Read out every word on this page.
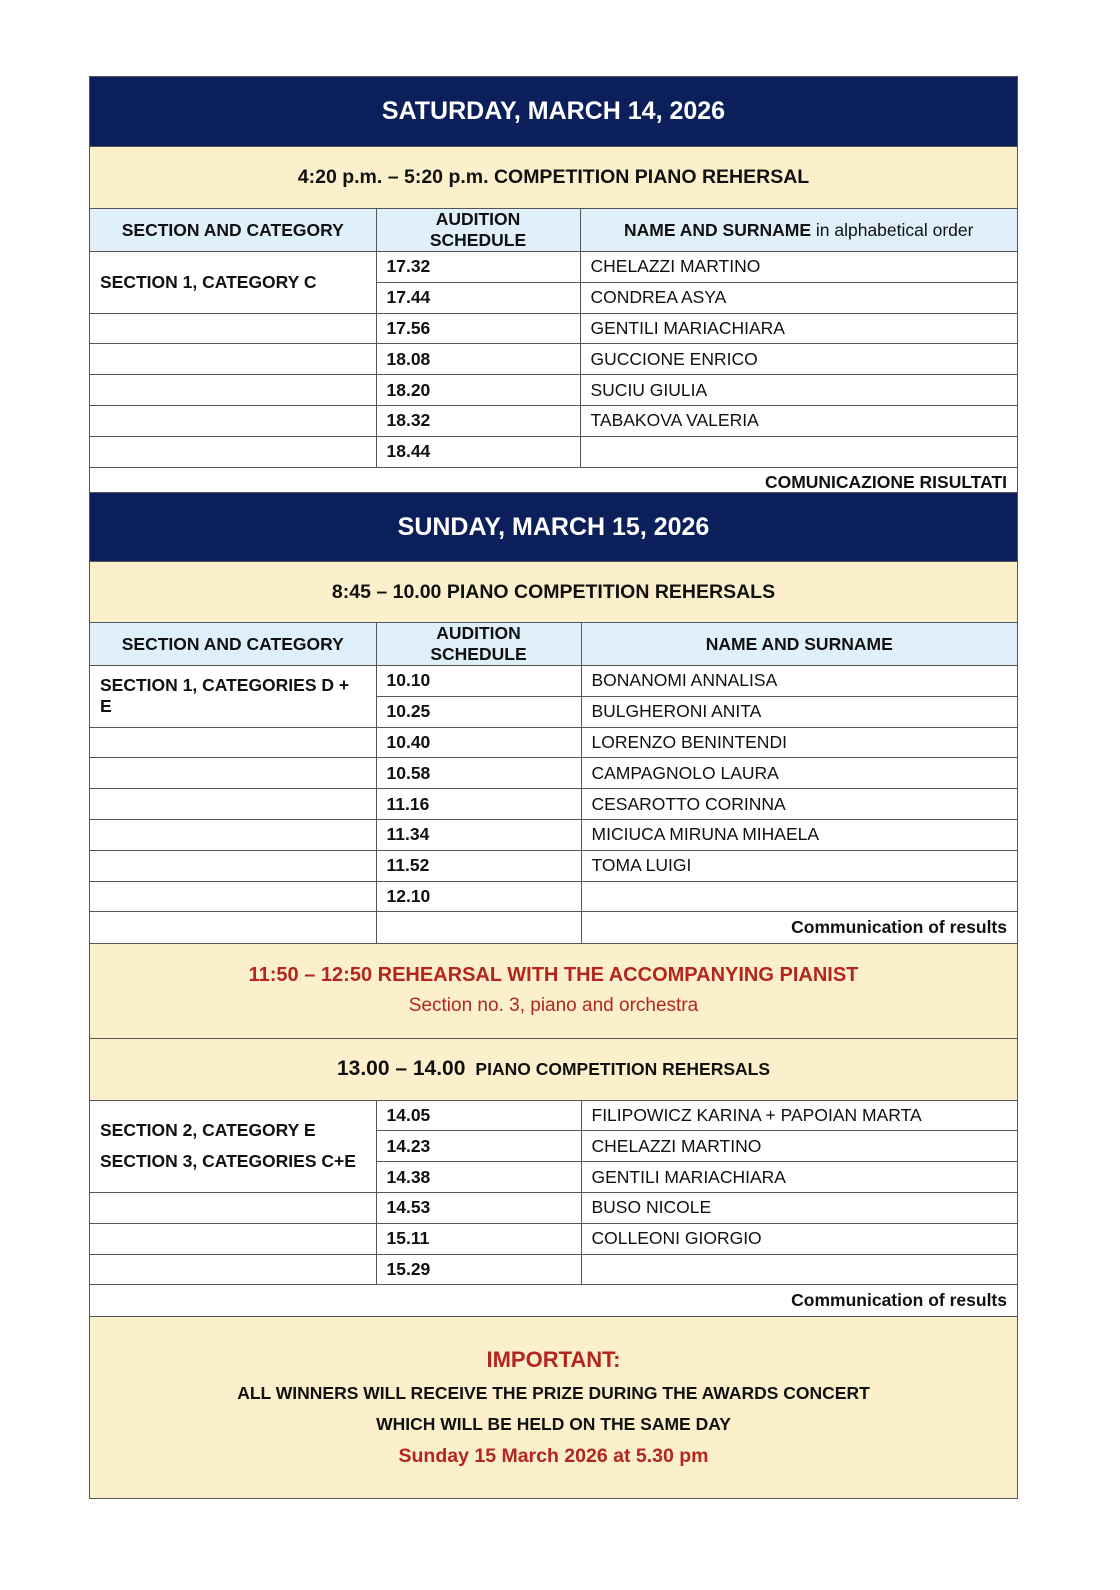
SATURDAY, MARCH 14, 2026
4:20 p.m. – 5:20 p.m. COMPETITION PIANO REHERSAL
SECTION AND CATEGORY	AUDITION SCHEDULE	NAME AND SURNAME in alphabetical order
SECTION 1, CATEGORY C	17.32	CHELAZZI MARTINO
	17.44	CONDREA ASYA
	17.56	GENTILI MARIACHIARA
	18.08	GUCCIONE ENRICO
	18.20	SUCIU GIULIA
	18.32	TABAKOVA VALERIA
	18.44	
COMUNICAZIONE RISULTATI		
SUNDAY, MARCH 15, 2026
8:45 – 10.00 PIANO COMPETITION REHERSALS
SECTION AND CATEGORY	AUDITION SCHEDULE	NAME AND SURNAME
SECTION 1, CATEGORIES D + E	10.10	BONANOMI ANNALISA
	10.25	BULGHERONI ANITA
	10.40	LORENZO BENINTENDI
	10.58	CAMPAGNOLO LAURA
	11.16	CESAROTTO CORINNA
	11.34	MICIUCA MIRUNA MIHAELA
	11.52	TOMA LUIGI
	12.10	
		Communication of results
11:50 – 12:50 REHEARSAL WITH THE ACCOMPANYING PIANIST
Section no. 3, piano and orchestra
13.00 – 14.00 PIANO COMPETITION REHERSALS
SECTION 2, CATEGORY E
SECTION 3, CATEGORIES C+E	14.05	FILIPOWICZ KARINA + PAPOIAN MARTA
	14.23	CHELAZZI MARTINO
	14.38	GENTILI MARIACHIARA
	14.53	BUSO NICOLE
	15.11	COLLEONI GIORGIO
	15.29	
Communication of results		
IMPORTANT:
ALL WINNERS WILL RECEIVE THE PRIZE DURING THE AWARDS CONCERT
WHICH WILL BE HELD ON THE SAME DAY
Sunday 15 March 2026 at 5.30 pm
